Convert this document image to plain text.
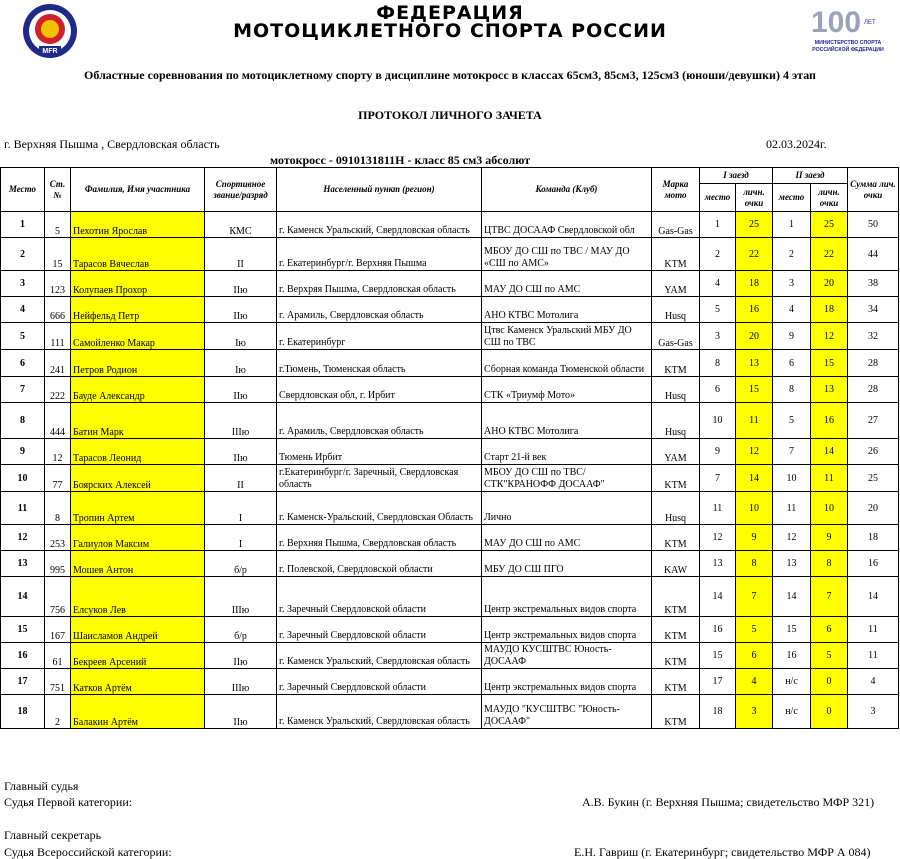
MFR
ФЕДЕРАЦИЯ
МОТОЦИКЛЕТНОГО СПОРТА РОССИИ	100 ЛЕТ
МИНИСТЕРСТВО СПОРТА
РОССИЙСКОЙ ФЕДЕРАЦИИ
Областные соревнования по мотоциклетному спорту в дисциплине мотокросс в классах 65см3, 85см3, 125см3 (юноши/девушки) 4 этап
ПРОТОКОЛ ЛИЧНОГО ЗАЧЕТА
г. Верхняя Пышма , Свердловская область	02.03.2024г.
мотокросс - 0910131811Н - класс 85 см3 абсолют
Место	Ст. №	Фамилия, Имя участника	Спортивное звание/разряд	Населенный пункт (регион)	Команда (Клуб)	Марка мото	I заезд		II заезд		Сумма лич. очки
							место	личн. очки	место	личн. очки	
1	5	Пехотин Ярослав	КМС	г. Каменск Уральский, Свердловская область	ЦТВС ДОСААФ Свердловской обл	Gas-Gas	1	25	1	25	50
2	15	Тарасов Вячеслав	II	г. Екатеринбург/г. Верхняя Пышма	МБОУ ДО СШ по ТВС / МАУ ДО «СШ по АМС»	KTM	2	22	2	22	44
3	123	Колупаев Прохор	IIю	г. Верхряя Пышма, Свердловская область	МАУ ДО СШ по АМС	YAM	4	18	3	20	38
4	666	Нейфельд Петр	IIю	г. Арамиль, Свердловская область	АНО КТВС Мотолига	Husq	5	16	4	18	34
5	111	Самойленко Макар	Iю	г. Екатеринбург	Цтвс Каменск Уральский МБУ ДО СШ по ТВС	Gas-Gas	3	20	9	12	32
6	241	Петров Родион	Iю	г.Тюмень, Тюменская область	Сборная команда Тюменской области	KTM	8	13	6	15	28
7	222	Бауде Александр	IIю	Свердловская обл, г. Ирбит	СТК «Триумф Мото»	Husq	6	15	8	13	28
8	444	Батин Марк	IIIю	г. Арамиль, Свердловская область	АНО КТВС Мотолига	Husq	10	11	5	16	27
9	12	Тарасов Леонид	IIю	Тюмень Ирбит	Старт 21-й век	YAM	9	12	7	14	26
10	77	Боярских Алексей	II	г.Екатеринбург/г. Заречный, Свердловская область	МБОУ ДО СШ по ТВС/СТК"КРАНОФФ ДОСААФ"	KTM	7	14	10	11	25
11	8	Тропин Артем	I	г. Каменск-Уральский, Свердловская Область	Лично	Husq	11	10	11	10	20
12	253	Галиулов Максим	I	г. Верхняя Пышма, Свердловская область	МАУ ДО СШ по АМС	KTM	12	9	12	9	18
13	995	Мошев Антон	б/р	г. Полевской, Свердловской области	МБУ ДО СШ ПГО	KAW	13	8	13	8	16
14	756	Елсуков Лев	IIIю	г. Заречный Свердловской области	Центр экстремальных видов спорта	KTM	14	7	14	7	14
15	167	Шаисламов Андрей	б/р	г. Заречный Свердловской области	Центр экстремальных видов спорта	KTM	16	5	15	6	11
16	61	Бекреев Арсений	IIю	г. Каменск Уральский, Свердловская область	МАУДО КУСШТВС Юность-ДОСААФ	KTM	15	6	16	5	11
17	751	Катков Артём	IIIю	г. Заречный Свердловской области	Центр экстремальных видов спорта	KTM	17	4	н/с	0	4
18	2	Балакин Артём	IIю	г. Каменск Уральский, Свердловская область	МАУДО "КУСШТВС "Юность-ДОСААФ"	KTM	18	3	н/с	0	3
Главный судья
Судья Первой категории:	А.В. Букин (г. Верхняя Пышма; свидетельство МФР 321)
Главный секретарь
Судья Всероссийской категории:	Е.Н. Гавриш (г. Екатеринбург; свидетельство МФР А 084)
